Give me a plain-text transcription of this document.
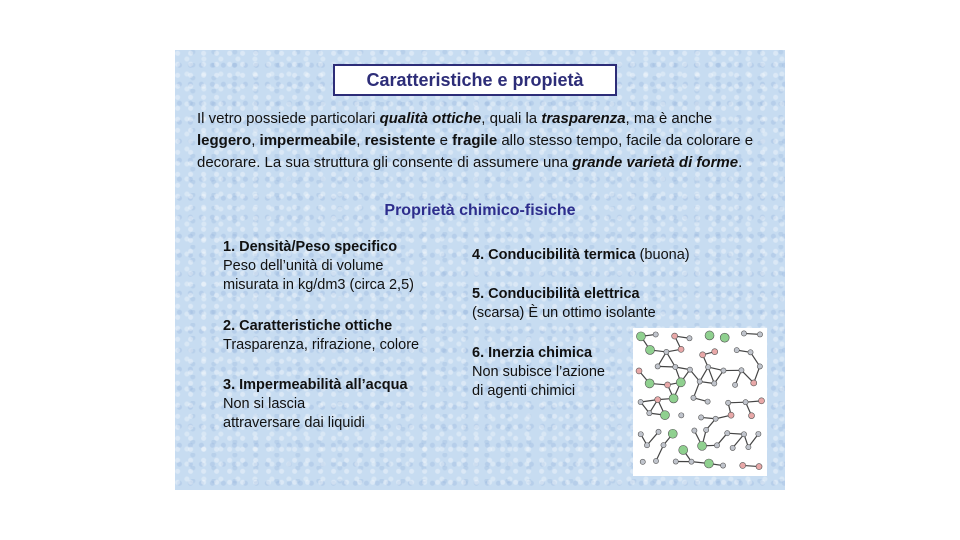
Caratteristiche e propietà
Il vetro possiede particolari qualità ottiche, quali la trasparenza, ma è anche leggero, impermeabile, resistente e fragile allo stesso tempo, facile da colorare e decorare. La sua struttura gli consente di assumere una grande varietà di forme.
Proprietà chimico-fisiche
1. Densità/Peso specifico
Peso dell’unità di volume
misurata in kg/dm3 (circa 2,5)
2. Caratteristiche ottiche
Trasparenza, rifrazione, colore
3. Impermeabilità all’acqua
Non si lascia
attraversare dai liquidi
4. Conducibilità termica (buona)
5. Conducibilità elettrica
(scarsa) È un ottimo isolante
6. Inerzia chimica
Non subisce l’azione
di agenti chimici
